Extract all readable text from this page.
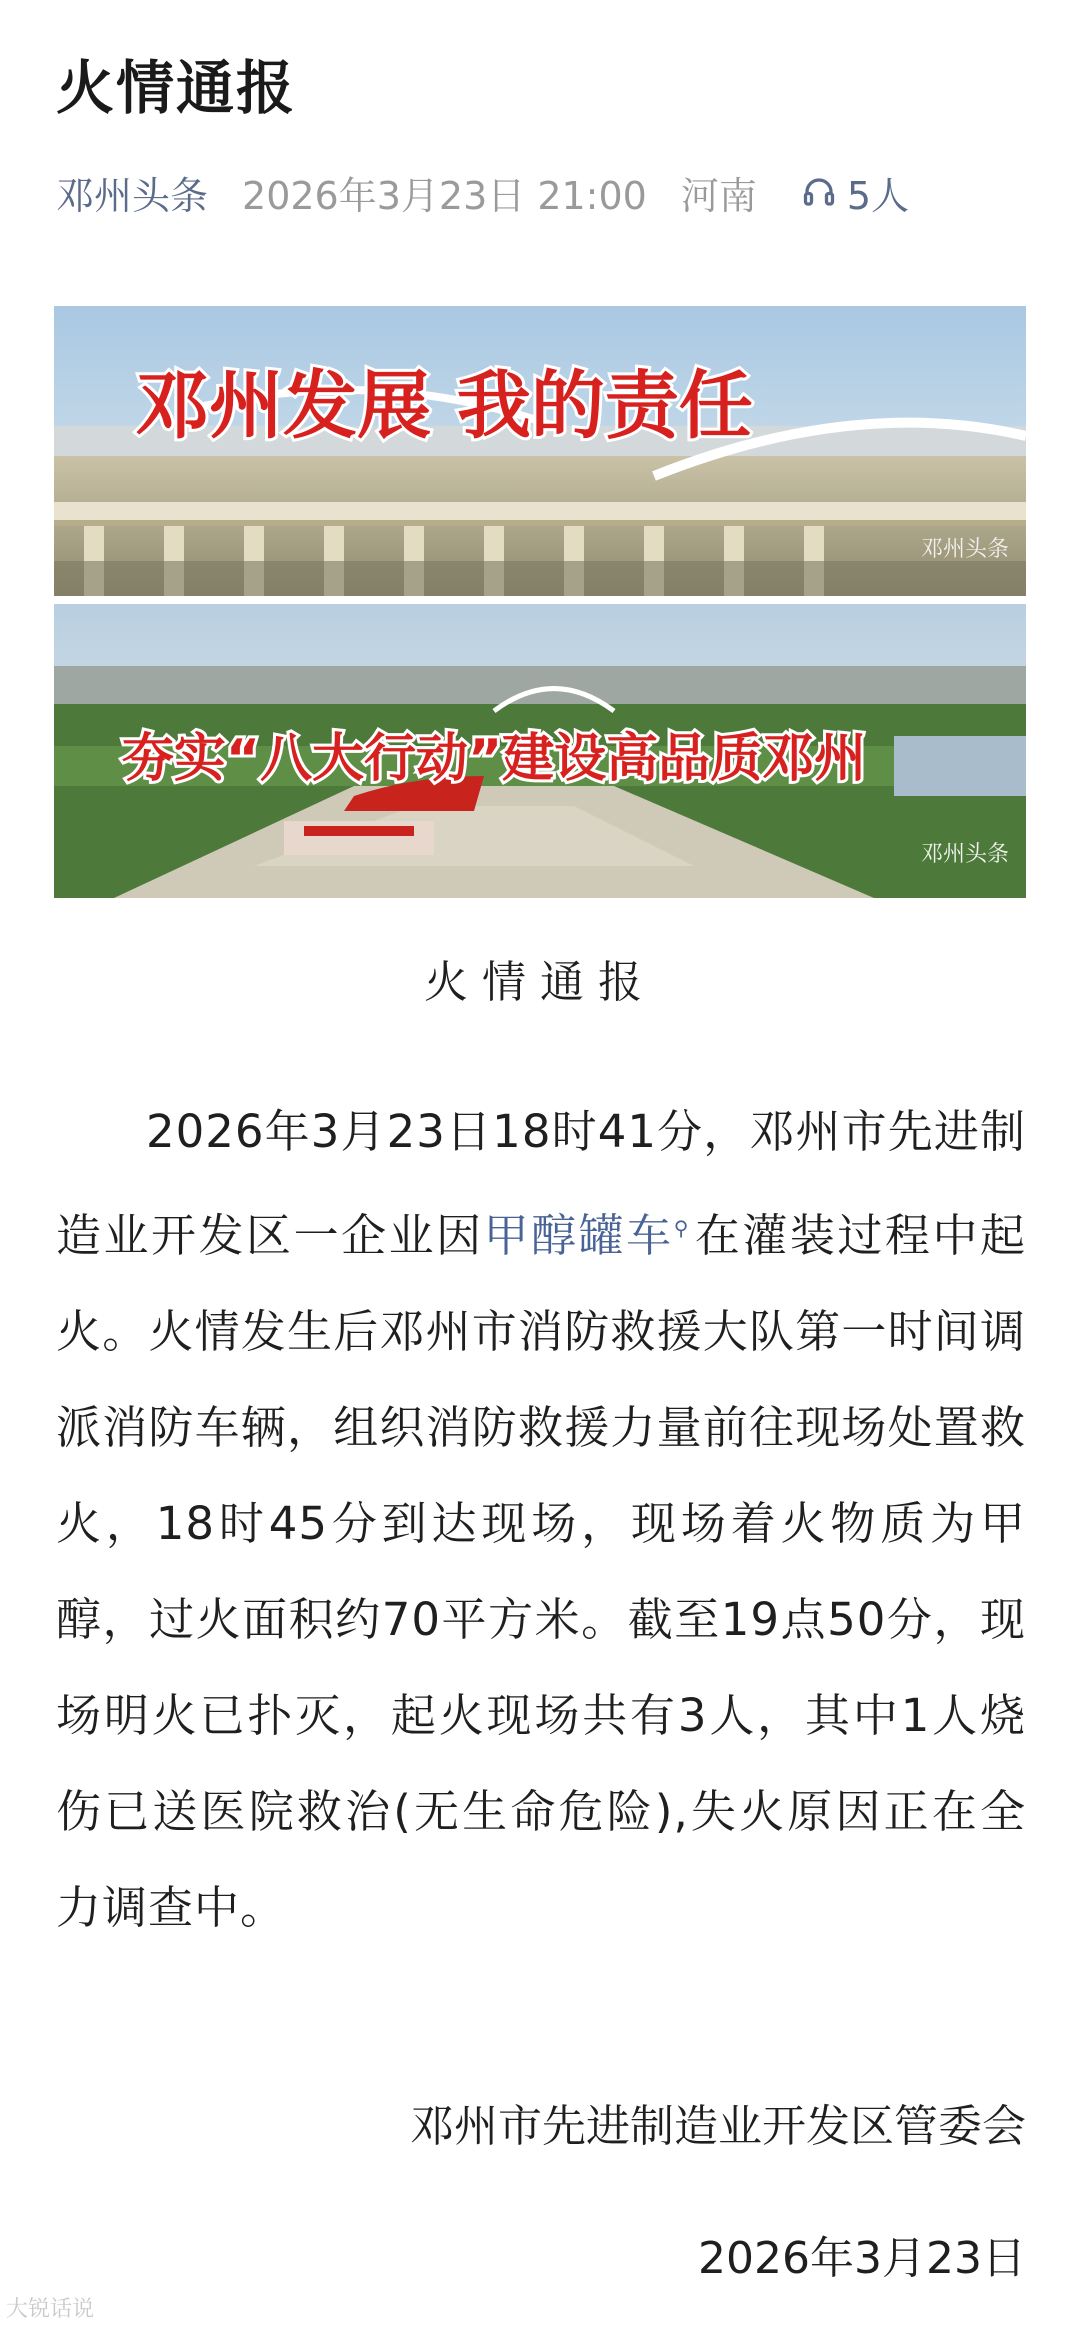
火情通报
邓州头条 2026年3月23日 21:00 河南 5人
邓州发展 我的责任
夯实“八大行动”建设高品质邓州
邓州头条
邓州头条
火情通报
2026年3月23日18时41分，邓州市先进制造业开发区一企业因甲醇罐车⚲在灌装过程中起火。火情发生后邓州市消防救援大队第一时间调派消防车辆，组织消防救援力量前往现场处置救火，18时45分到达现场，现场着火物质为甲醇，过火面积约70平方米。截至19点50分，现场明火已扑灭，起火现场共有3人，其中1人烧伤已送医院救治(无生命危险),失火原因正在全力调查中。
邓州市先进制造业开发区管委会
2026年3月23日
大锐话说
